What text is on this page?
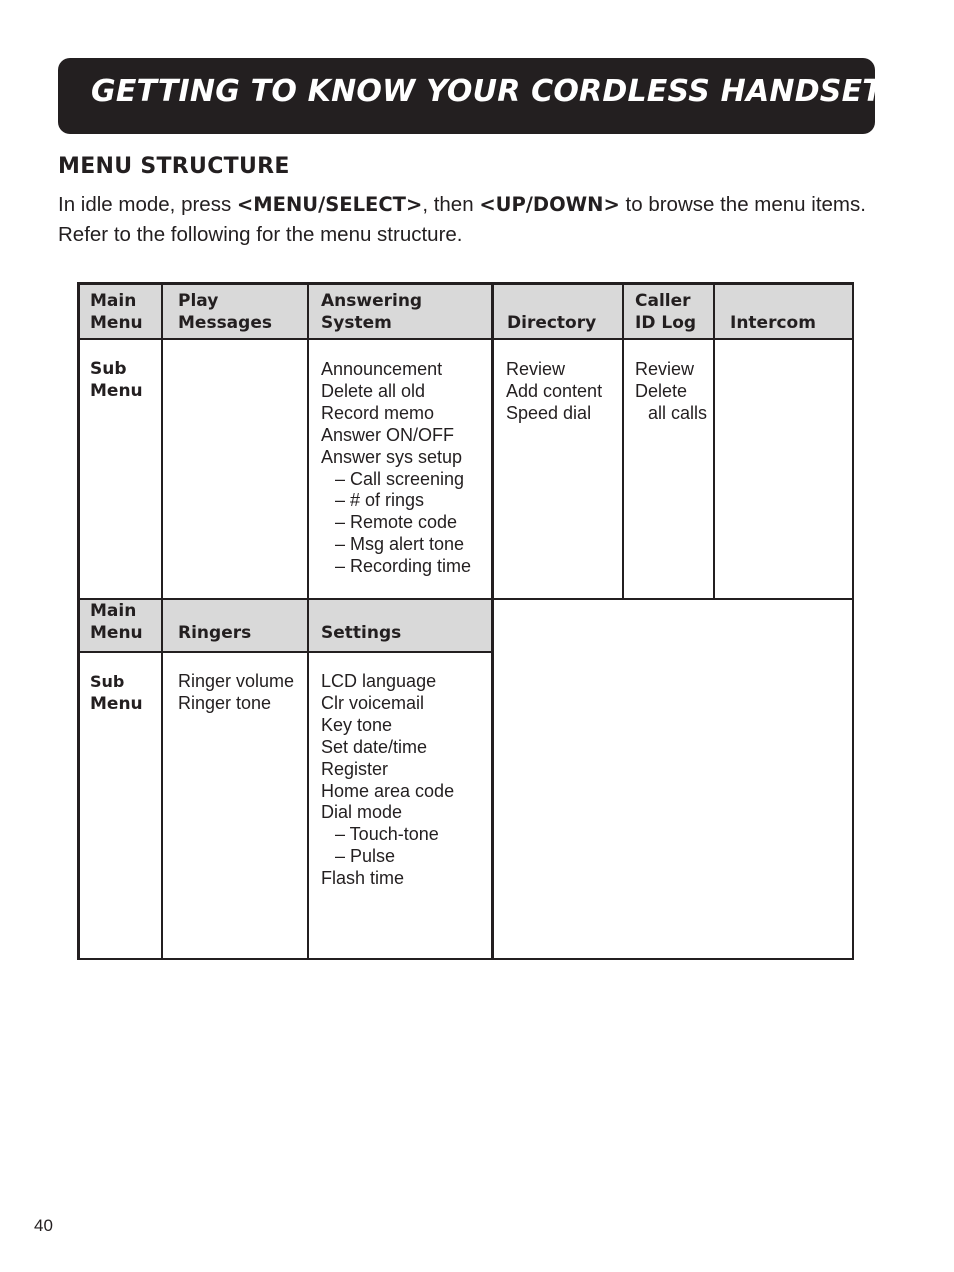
GETTING TO KNOW YOUR CORDLESS HANDSET
MENU STRUCTURE

In idle mode, press <MENU/SELECT>, then <UP/DOWN> to browse the menu items. Refer to the following for the menu structure.

Main
Menu
Play
Messages
Answering
System	Directory
Caller
ID Log Intercom
Sub
Menu
Announcement
Delete all old
Record memo
Answer ON/OFF
Answer sys setup
– Call screening
– # of rings
– Remote code
– Msg alert tone
– Recording time
Review
Add content
Speed dial
Review
Delete
all calls
Main
Menu Ringers	Settings
Sub
Menu
Ringer volume
Ringer tone
LCD language
Clr voicemail
Key tone
Set date/time
Register
Home area code
Dial mode
– Touch-tone
– Pulse
Flash time
40
